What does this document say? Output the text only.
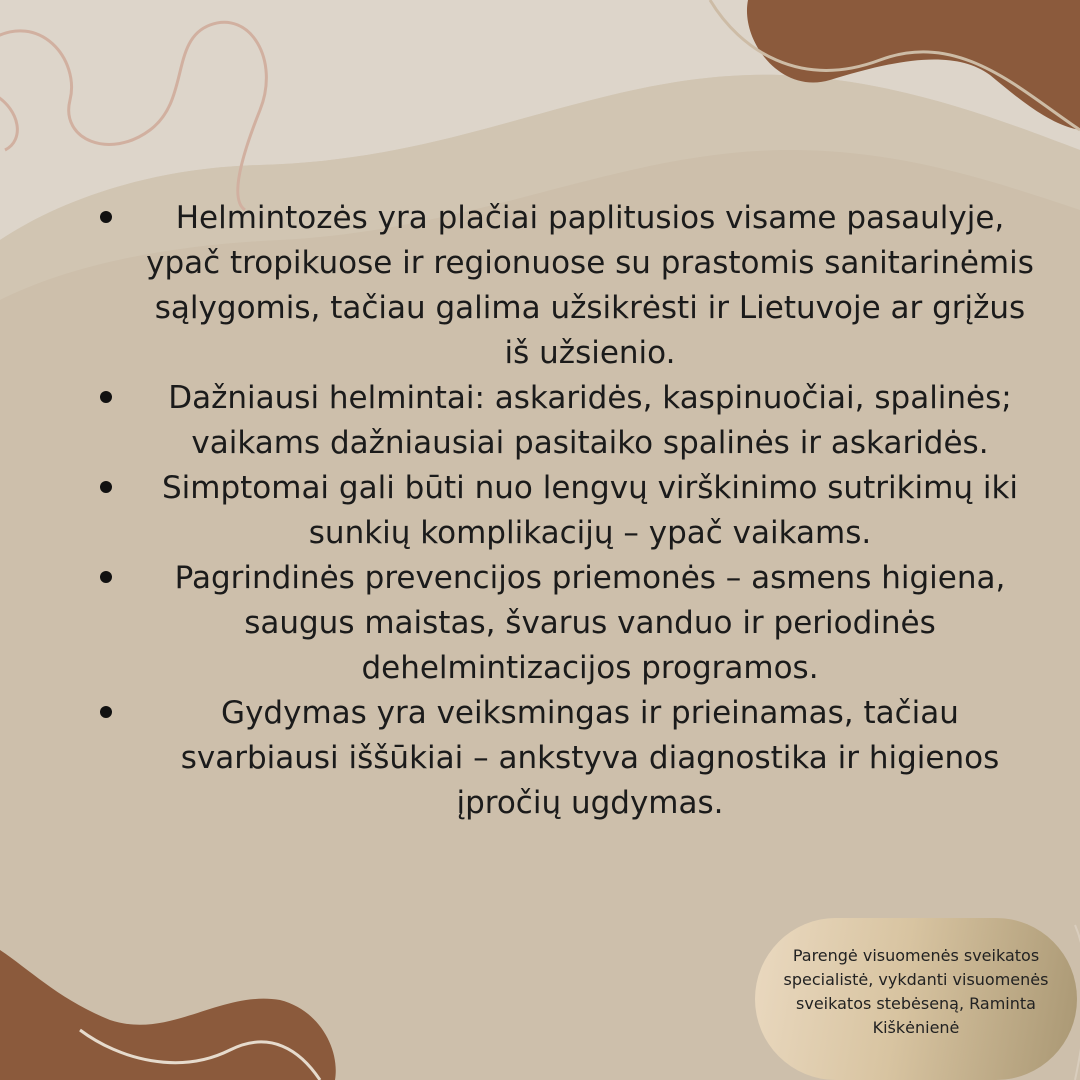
Helmintozės yra plačiai paplitusios visame pasaulyje, ypač tropikuose ir regionuose su prastomis sanitarinėmis sąlygomis, tačiau galima užsikrėsti ir Lietuvoje ar grįžus iš užsienio.
Dažniausi helmintai: askaridės, kaspinuočiai, spalinės; vaikams dažniausiai pasitaiko spalinės ir askaridės.
Simptomai gali būti nuo lengvų virškinimo sutrikimų iki sunkių komplikacijų – ypač vaikams.
Pagrindinės prevencijos priemonės – asmens higiena, saugus maistas, švarus vanduo ir periodinės dehelmintizacijos programos.
Gydymas yra veiksmingas ir prieinamas, tačiau svarbiausi iššūkiai – ankstyva diagnostika ir higienos įpročių ugdymas.
Parengė visuomenės sveikatos specialistė, vykdanti visuomenės sveikatos stebėseną, Raminta Kiškėnienė
